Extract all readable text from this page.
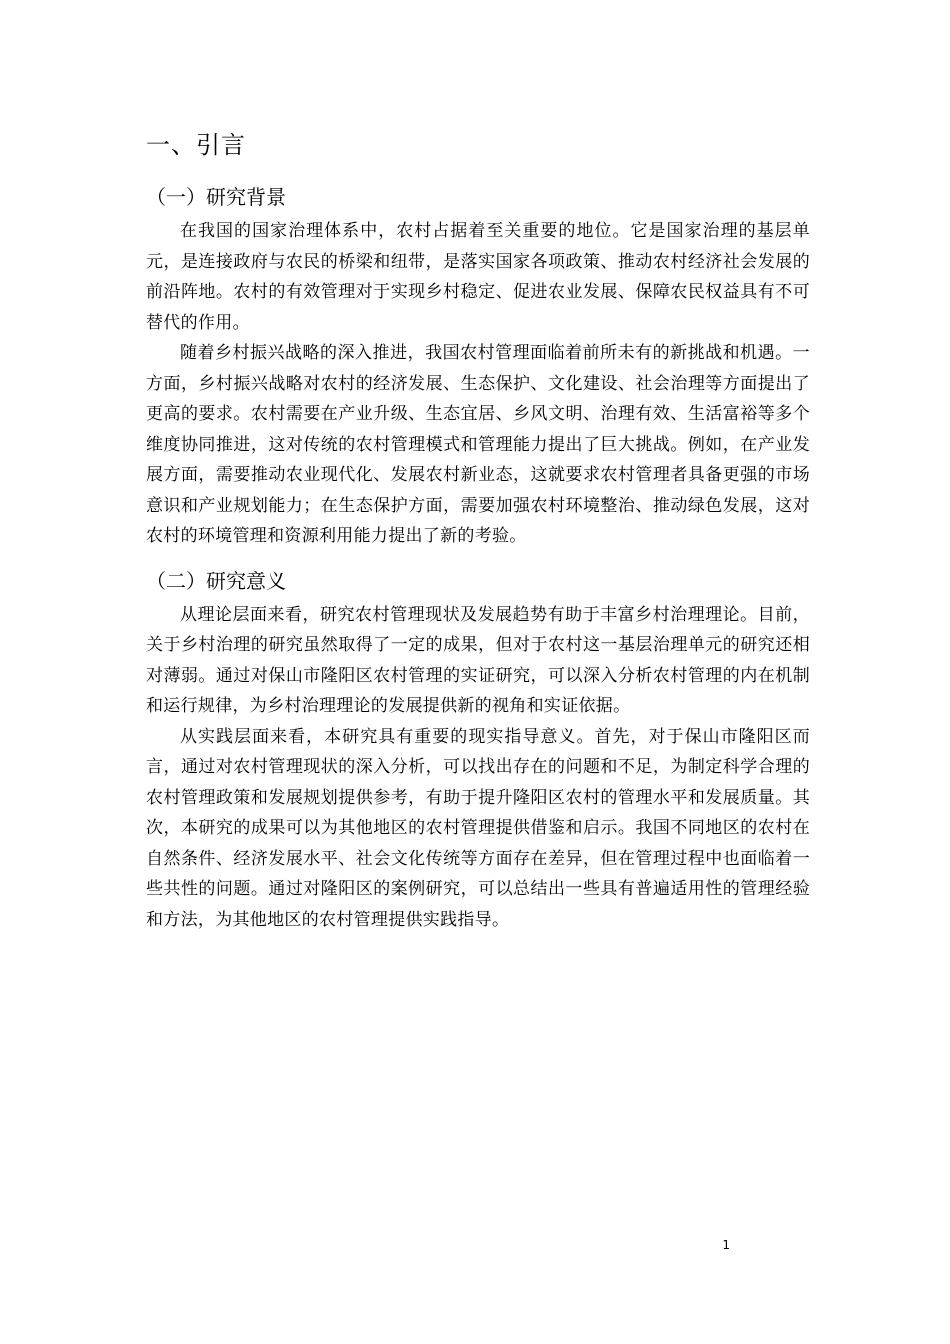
一、引言
（一）研究背景

在我国的国家治理体系中，农村占据着至关重要的地位。它是国家治理的基层单元，是连接政府与农民的桥梁和纽带，是落实国家各项政策、推动农村经济社会发展的前沿阵地。农村的有效管理对于实现乡村稳定、促进农业发展、保障农民权益具有不可替代的作用。

随着乡村振兴战略的深入推进，我国农村管理面临着前所未有的新挑战和机遇。一方面，乡村振兴战略对农村的经济发展、生态保护、文化建设、社会治理等方面提出了更高的要求。农村需要在产业升级、生态宜居、乡风文明、治理有效、生活富裕等多个维度协同推进，这对传统的农村管理模式和管理能力提出了巨大挑战。例如，在产业发展方面，需要推动农业现代化、发展农村新业态，这就要求农村管理者具备更强的市场意识和产业规划能力；在生态保护方面，需要加强农村环境整治、推动绿色发展，这对农村的环境管理和资源利用能力提出了新的考验。

（二）研究意义

从理论层面来看，研究农村管理现状及发展趋势有助于丰富乡村治理理论。目前，关于乡村治理的研究虽然取得了一定的成果，但对于农村这一基层治理单元的研究还相对薄弱。通过对保山市隆阳区农村管理的实证研究，可以深入分析农村管理的内在机制和运行规律，为乡村治理理论的发展提供新的视角和实证依据。

从实践层面来看，本研究具有重要的现实指导意义。首先，对于保山市隆阳区而言，通过对农村管理现状的深入分析，可以找出存在的问题和不足，为制定科学合理的农村管理政策和发展规划提供参考，有助于提升隆阳区农村的管理水平和发展质量。其次，本研究的成果可以为其他地区的农村管理提供借鉴和启示。我国不同地区的农村在自然条件、经济发展水平、社会文化传统等方面存在差异，但在管理过程中也面临着一些共性的问题。通过对隆阳区的案例研究，可以总结出一些具有普遍适用性的管理经验和方法，为其他地区的农村管理提供实践指导。

1
